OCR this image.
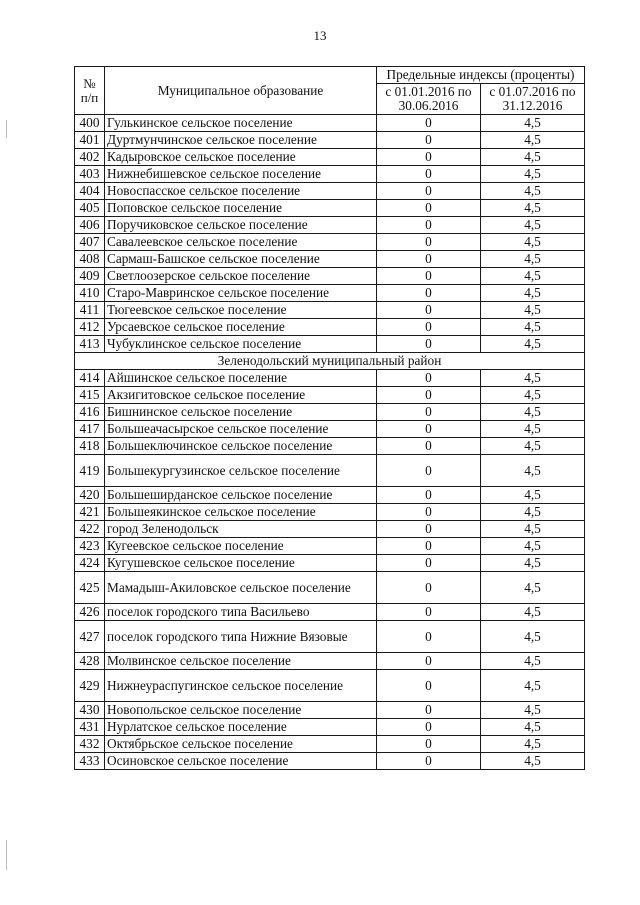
13
№ п/п	Муниципальное образование	Предельные индексы (проценты)	
		с 01.01.2016 по 30.06.2016	с 01.07.2016 по 31.12.2016
400	Гулькинское сельское поселение	0	4,5
401	Дуртмунчинское сельское поселение	0	4,5
402	Кадыровское сельское поселение	0	4,5
403	Нижнебишевское сельское поселение	0	4,5
404	Новоспасское сельское поселение	0	4,5
405	Поповское сельское поселение	0	4,5
406	Поручиковское сельское поселение	0	4,5
407	Савалеевское сельское поселение	0	4,5
408	Сармаш-Башское сельское поселение	0	4,5
409	Светлоозерское сельское поселение	0	4,5
410	Старо-Мавринское сельское поселение	0	4,5
411	Тюгеевское сельское поселение	0	4,5
412	Урсаевское сельское поселение	0	4,5
413	Чубуклинское сельское поселение	0	4,5
Зеленодольский муниципальный район			
414	Айшинское сельское поселение	0	4,5
415	Акзигитовское сельское поселение	0	4,5
416	Бишнинское сельское поселение	0	4,5
417	Большеачасырское сельское поселение	0	4,5
418	Большеключинское сельское поселение	0	4,5
419	Большекургузинское сельское поселение	0	4,5
420	Большеширданское сельское поселение	0	4,5
421	Большеякинское сельское поселение	0	4,5
422	город Зеленодольск	0	4,5
423	Кугеевское сельское поселение	0	4,5
424	Кугушевское сельское поселение	0	4,5
425	Мамадыш-Акиловское сельское поселение	0	4,5
426	поселок городского типа Васильево	0	4,5
427	поселок городского типа Нижние Вязовые	0	4,5
428	Молвинское сельское поселение	0	4,5
429	Нижнеураспугинское сельское поселение	0	4,5
430	Новопольское сельское поселение	0	4,5
431	Нурлатское сельское поселение	0	4,5
432	Октябрьское сельское поселение	0	4,5
433	Осиновское сельское поселение	0	4,5
